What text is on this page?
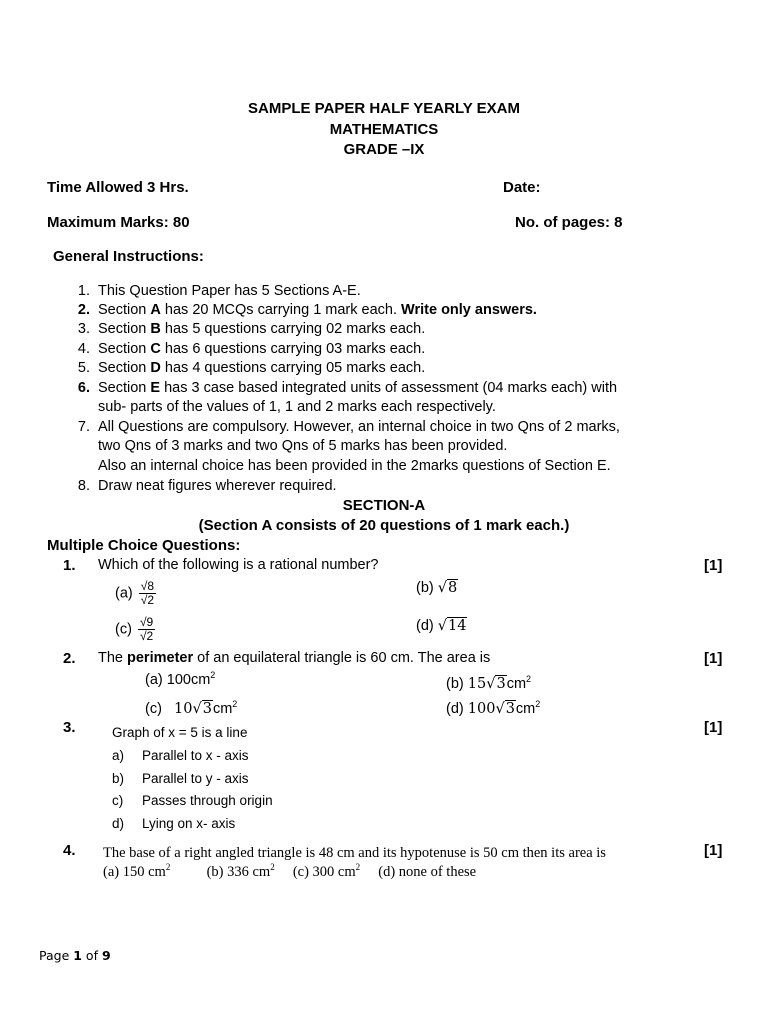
SAMPLE PAPER HALF YEARLY EXAM
MATHEMATICS
GRADE –IX
Time Allowed 3 Hrs.	Date:
Maximum Marks: 80	No. of pages: 8
General Instructions:
1. This Question Paper has 5 Sections A-E.
2. Section A has 20 MCQs carrying 1 mark each. Write only answers.
3. Section B has 5 questions carrying 02 marks each.
4. Section C has 6 questions carrying 03 marks each.
5. Section D has 4 questions carrying 05 marks each.
6. Section E has 3 case based integrated units of assessment (04 marks each) with
sub- parts of the values of 1, 1 and 2 marks each respectively.
7. All Questions are compulsory. However, an internal choice in two Qns of 2 marks,
two Qns of 3 marks and two Qns of 5 marks has been provided.
Also an internal choice has been provided in the 2marks questions of Section E.
8. Draw neat figures wherever required.
SECTION-A
(Section A consists of 20 questions of 1 mark each.)
Multiple Choice Questions:
1. Which of the following is a rational number?	[1]
$(a) \frac{√8}{√2}$	(b) √8
$(c) \frac{√9}{√2}$	(d) √14
2. The perimeter of an equilateral triangle is 60 cm. The area is	[1]
(a) $100cm^2$
(b) $15√3cm^2$
(c) $10√3cm^2$	(d) $100√3cm^2$
3.	[1]
Graph of x = 5 is a line
a) Parallel to x - axis
b) Parallel to y - axis
c) Passes through origin
d) Lying on x- axis
4.	[1]
The base of a right angled triangle is 48 cm and its hypotenuse is 50 cm then its area is
(a) 150 $cm^2$	(b) 336 $cm^2$ (c) 300 $cm^2$ (d) none of these
Page 1 of 9
